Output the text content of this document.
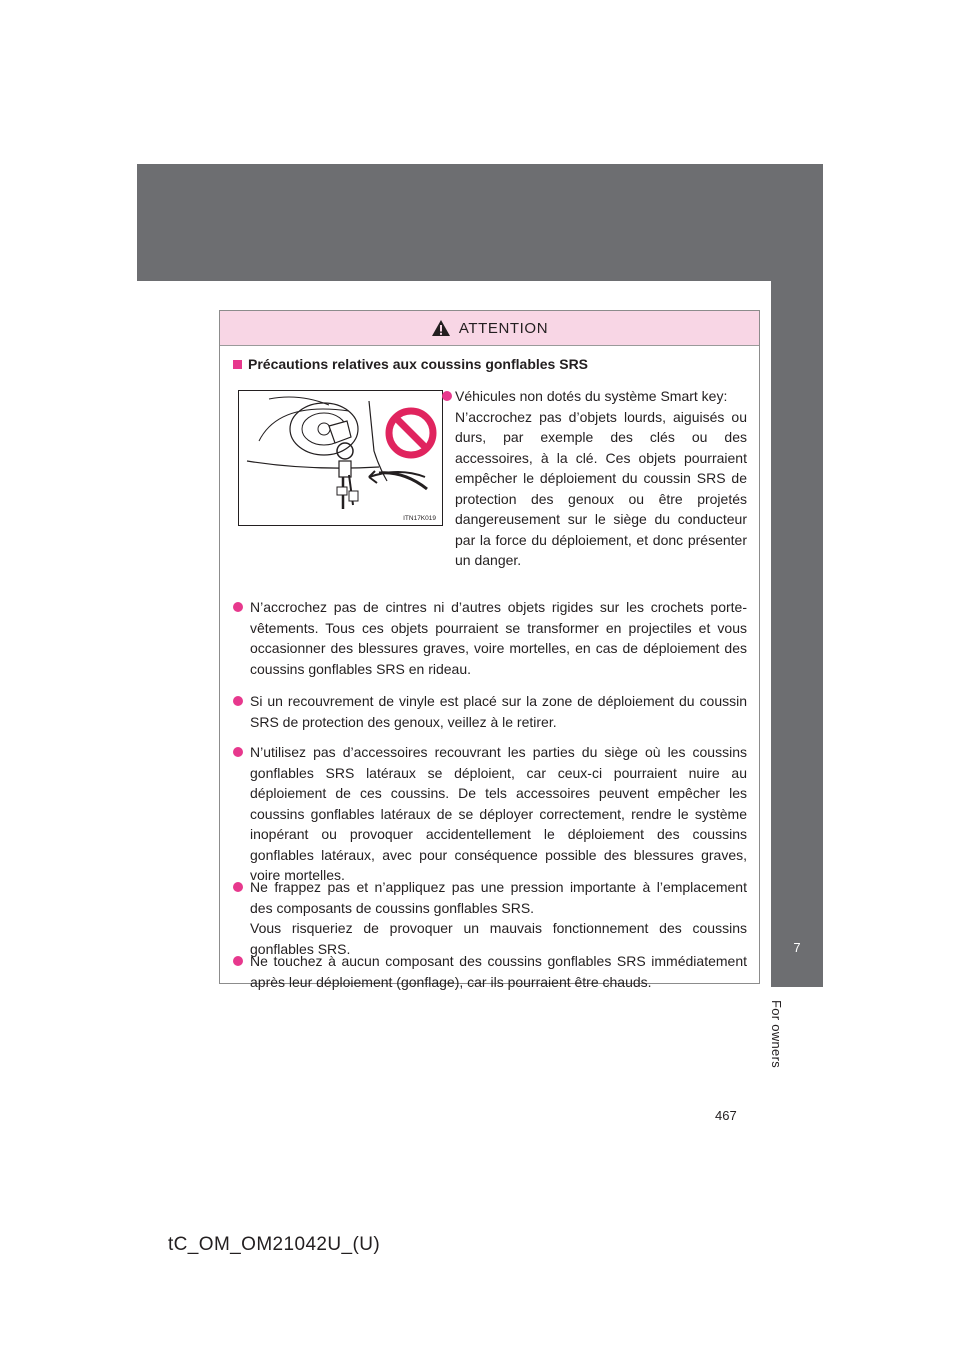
7
For owners
ATTENTION
Précautions relatives aux coussins gonflables SRS
ITN17K019

Véhicules non dotés du système Smart key:

N’accrochez pas d’objets lourds, aiguisés ou durs, par exemple des clés ou des accessoires, à la clé. Ces objets pourraient empêcher le déploiement du coussin SRS de protection des genoux ou être projetés dangereusement sur le siège du conducteur par la force du déploiement, et donc présenter un danger.

N’accrochez pas de cintres ni d’autres objets rigides sur les crochets porte-vêtements. Tous ces objets pourraient se transformer en projectiles et vous occasionner des blessures graves, voire mortelles, en cas de déploiement des coussins gonflables SRS en rideau.

Si un recouvrement de vinyle est placé sur la zone de déploiement du coussin SRS de protection des genoux, veillez à le retirer.

N’utilisez pas d’accessoires recouvrant les parties du siège où les coussins gonflables SRS latéraux se déploient, car ceux-ci pourraient nuire au déploiement de ces coussins. De tels accessoires peuvent empêcher les coussins gonflables latéraux de se déployer correctement, rendre le système inopérant ou provoquer accidentellement le déploiement des coussins gonflables latéraux, avec pour conséquence possible des blessures graves, voire mortelles.

Ne frappez pas et n’appliquez pas une pression importante à l’emplacement des composants de coussins gonflables SRS.

Vous risqueriez de provoquer un mauvais fonctionnement des coussins gonflables SRS.

Ne touchez à aucun composant des coussins gonflables SRS immédiatement après leur déploiement (gonflage), car ils pourraient être chauds.

467
tC_OM_OM21042U_(U)
